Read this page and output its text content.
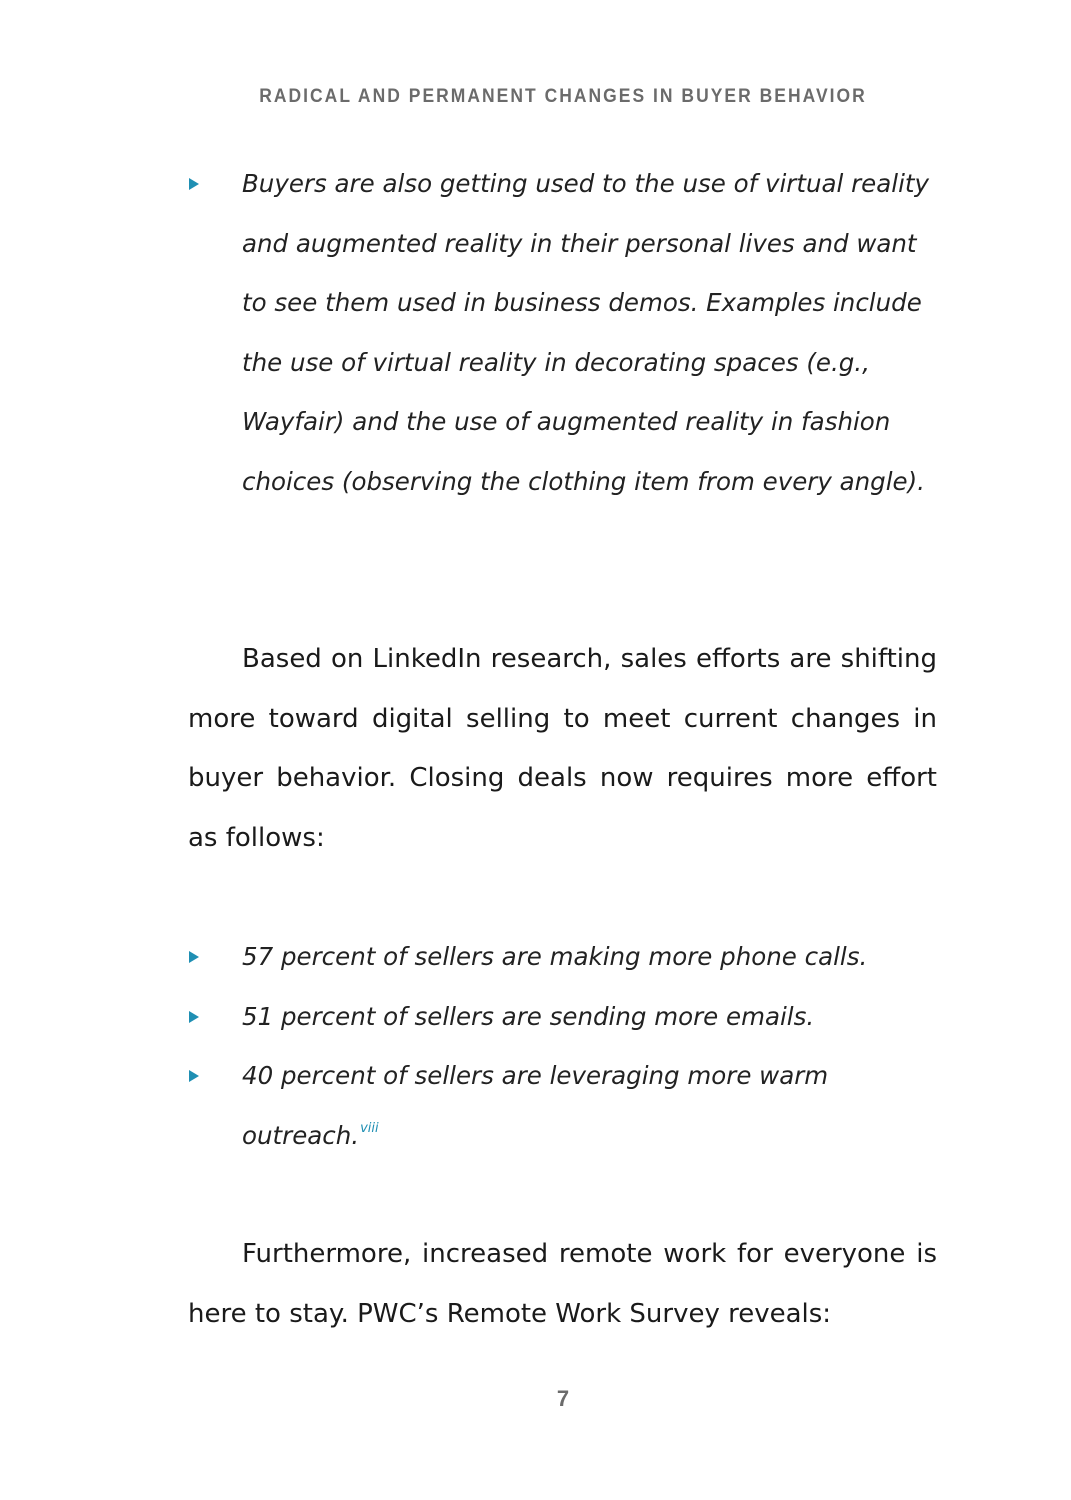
RADICAL AND PERMANENT CHANGES IN BUYER BEHAVIOR
Buyers are also getting used to the use of virtual reality and augmented reality in their personal lives and want to see them used in business demos. Examples include the use of virtual reality in decorating spaces (e.g., Wayfair) and the use of augmented reality in fashion choices (observing the clothing item from every angle).

Based on LinkedIn research, sales efforts are shifting more toward digital selling to meet current changes in buyer behavior. Closing deals now requires more effort as follows:

57 percent of sellers are making more phone calls.
51 percent of sellers are sending more emails.
40 percent of sellers are leveraging more warm outreach.$^{viii}$

Furthermore, increased remote work for everyone is here to stay. PWC’s Remote Work Survey reveals:

7
